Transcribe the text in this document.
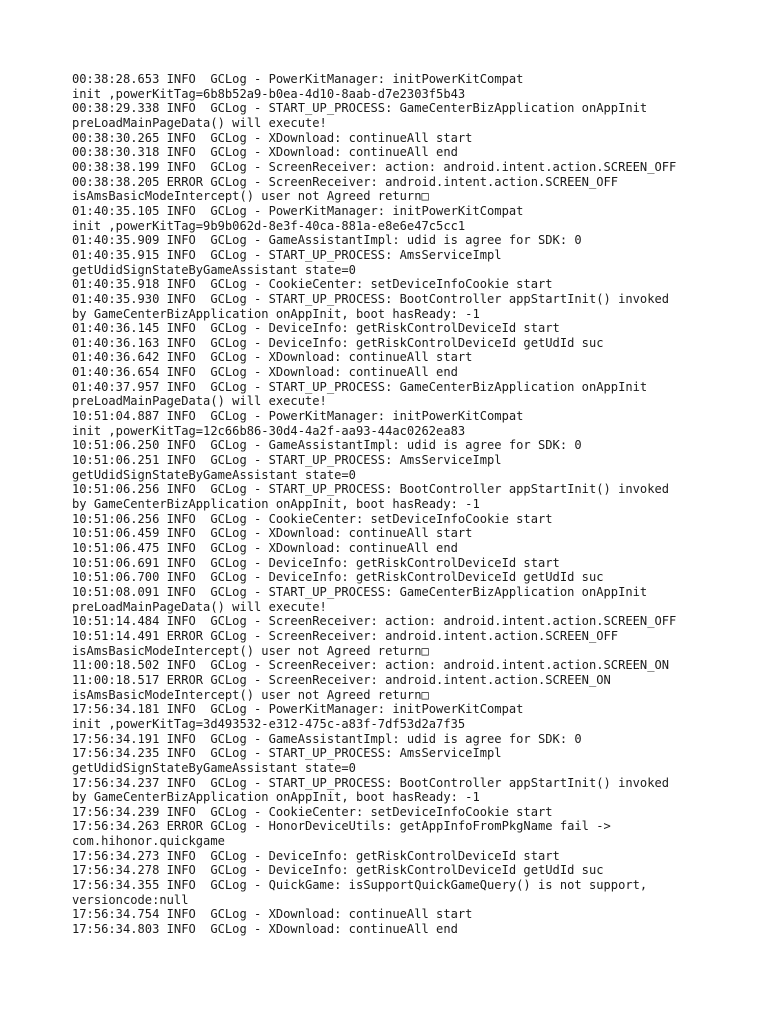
00:38:28.653 INFO  GCLog - PowerKitManager: initPowerKitCompat
init ,powerKitTag=6b8b52a9-b0ea-4d10-8aab-d7e2303f5b43
00:38:29.338 INFO  GCLog - START_UP_PROCESS: GameCenterBizApplication onAppInit
preLoadMainPageData() will execute!
00:38:30.265 INFO  GCLog - XDownload: continueAll start
00:38:30.318 INFO  GCLog - XDownload: continueAll end
00:38:38.199 INFO  GCLog - ScreenReceiver: action: android.intent.action.SCREEN_OFF
00:38:38.205 ERROR GCLog - ScreenReceiver: android.intent.action.SCREEN_OFF
isAmsBasicModeIntercept() user not Agreed return□
01:40:35.105 INFO  GCLog - PowerKitManager: initPowerKitCompat
init ,powerKitTag=9b9b062d-8e3f-40ca-881a-e8e6e47c5cc1
01:40:35.909 INFO  GCLog - GameAssistantImpl: udid is agree for SDK: 0
01:40:35.915 INFO  GCLog - START_UP_PROCESS: AmsServiceImpl
getUdidSignStateByGameAssistant state=0
01:40:35.918 INFO  GCLog - CookieCenter: setDeviceInfoCookie start
01:40:35.930 INFO  GCLog - START_UP_PROCESS: BootController appStartInit() invoked
by GameCenterBizApplication onAppInit, boot hasReady: -1
01:40:36.145 INFO  GCLog - DeviceInfo: getRiskControlDeviceId start
01:40:36.163 INFO  GCLog - DeviceInfo: getRiskControlDeviceId getUdId suc
01:40:36.642 INFO  GCLog - XDownload: continueAll start
01:40:36.654 INFO  GCLog - XDownload: continueAll end
01:40:37.957 INFO  GCLog - START_UP_PROCESS: GameCenterBizApplication onAppInit
preLoadMainPageData() will execute!
10:51:04.887 INFO  GCLog - PowerKitManager: initPowerKitCompat
init ,powerKitTag=12c66b86-30d4-4a2f-aa93-44ac0262ea83
10:51:06.250 INFO  GCLog - GameAssistantImpl: udid is agree for SDK: 0
10:51:06.251 INFO  GCLog - START_UP_PROCESS: AmsServiceImpl
getUdidSignStateByGameAssistant state=0
10:51:06.256 INFO  GCLog - START_UP_PROCESS: BootController appStartInit() invoked
by GameCenterBizApplication onAppInit, boot hasReady: -1
10:51:06.256 INFO  GCLog - CookieCenter: setDeviceInfoCookie start
10:51:06.459 INFO  GCLog - XDownload: continueAll start
10:51:06.475 INFO  GCLog - XDownload: continueAll end
10:51:06.691 INFO  GCLog - DeviceInfo: getRiskControlDeviceId start
10:51:06.700 INFO  GCLog - DeviceInfo: getRiskControlDeviceId getUdId suc
10:51:08.091 INFO  GCLog - START_UP_PROCESS: GameCenterBizApplication onAppInit
preLoadMainPageData() will execute!
10:51:14.484 INFO  GCLog - ScreenReceiver: action: android.intent.action.SCREEN_OFF
10:51:14.491 ERROR GCLog - ScreenReceiver: android.intent.action.SCREEN_OFF
isAmsBasicModeIntercept() user not Agreed return□
11:00:18.502 INFO  GCLog - ScreenReceiver: action: android.intent.action.SCREEN_ON
11:00:18.517 ERROR GCLog - ScreenReceiver: android.intent.action.SCREEN_ON
isAmsBasicModeIntercept() user not Agreed return□
17:56:34.181 INFO  GCLog - PowerKitManager: initPowerKitCompat
init ,powerKitTag=3d493532-e312-475c-a83f-7df53d2a7f35
17:56:34.191 INFO  GCLog - GameAssistantImpl: udid is agree for SDK: 0
17:56:34.235 INFO  GCLog - START_UP_PROCESS: AmsServiceImpl
getUdidSignStateByGameAssistant state=0
17:56:34.237 INFO  GCLog - START_UP_PROCESS: BootController appStartInit() invoked
by GameCenterBizApplication onAppInit, boot hasReady: -1
17:56:34.239 INFO  GCLog - CookieCenter: setDeviceInfoCookie start
17:56:34.263 ERROR GCLog - HonorDeviceUtils: getAppInfoFromPkgName fail ->
com.hihonor.quickgame
17:56:34.273 INFO  GCLog - DeviceInfo: getRiskControlDeviceId start
17:56:34.278 INFO  GCLog - DeviceInfo: getRiskControlDeviceId getUdId suc
17:56:34.355 INFO  GCLog - QuickGame: isSupportQuickGameQuery() is not support,
versioncode:null
17:56:34.754 INFO  GCLog - XDownload: continueAll start
17:56:34.803 INFO  GCLog - XDownload: continueAll end
